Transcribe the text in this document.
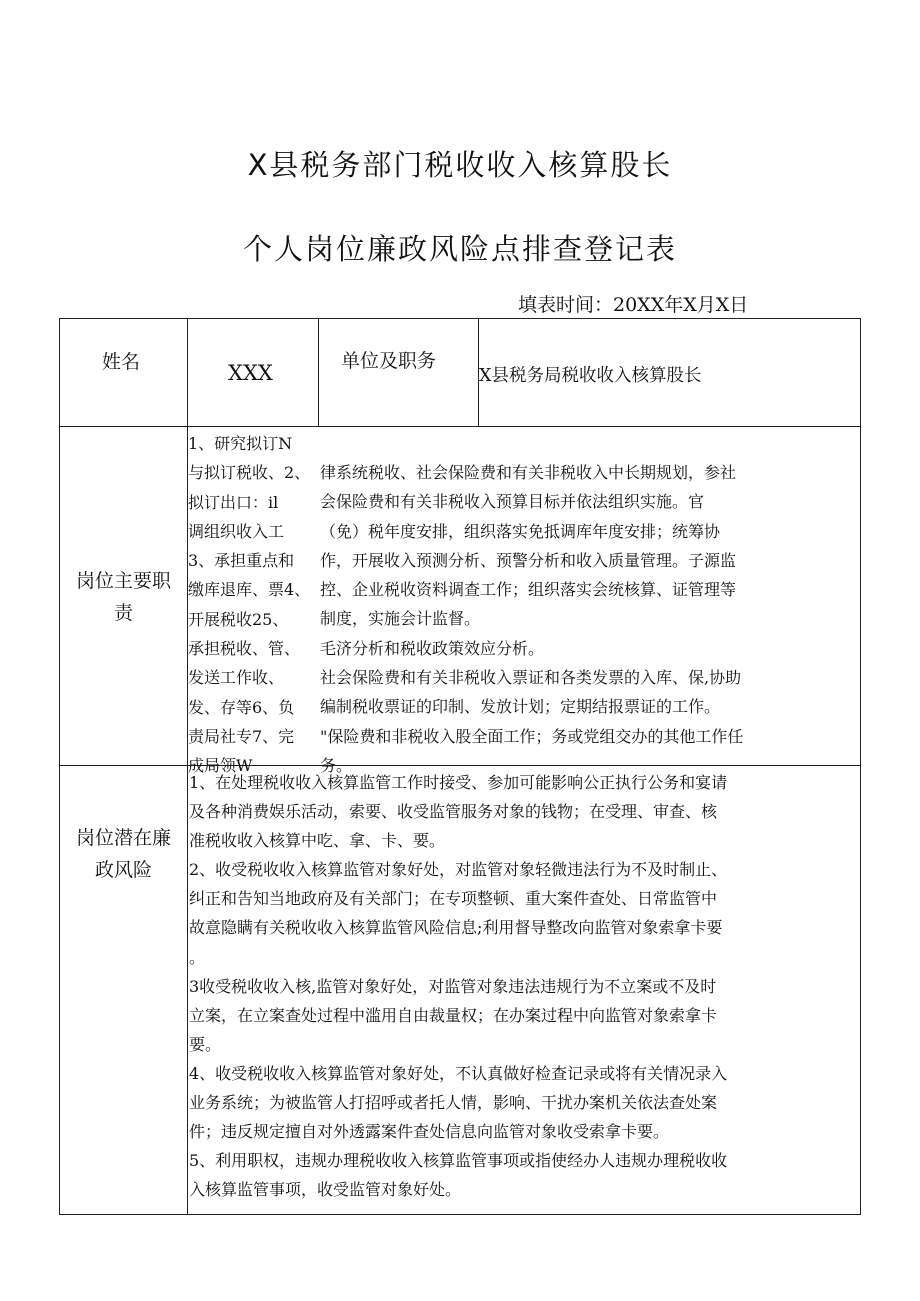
X县税务部门税收收入核算股长
个人岗位廉政风险点排查登记表
填表时间：20XX年X月X日
姓名	XXX	单位及职务
X县税务局税收收入核算股长
岗位主要职
责
1、研究拟订N
与拟订税收、2、
拟订出口：il
调组织收入工
3、承担重点和
缴库退库、票4、
开展税收25、
承担税收、管、
发送工作收、
发、存等6、负
责局社专7、完
成局领W
律系统税收、社会保险费和有关非税收入中长期规划，参社
会保险费和有关非税收入预算目标并依法组织实施。官
（免）税年度安排，组织落实免抵调库年度安排；统筹协
作，开展收入预测分析、预警分析和收入质量管理。子源监
控、企业税收资料调查工作；组织落实会统核算、证管理等
制度，实施会计监督。
毛济分析和税收政策效应分析。
社会保险费和有关非税收入票证和各类发票的入库、保,协助
编制税收票证的印制、发放计划；定期结报票证的工作。
"保险费和非税收入股全面工作；务或党组交办的其他工作任
务。
岗位潜在廉
政风险
1、在处理税收收入核算监管工作时接受、参加可能影响公正执行公务和宴请
及各种消费娱乐活动，索要、收受监管服务对象的钱物；在受理、审查、核
准税收收入核算中吃、拿、卡、要。
2、收受税收收入核算监管对象好处，对监管对象轻微违法行为不及时制止、
纠正和告知当地政府及有关部门；在专项整顿、重大案件查处、日常监管中
故意隐瞒有关税收收入核算监管风险信息;利用督导整改向监管对象索拿卡要
。
3收受税收收入核,监管对象好处，对监管对象违法违规行为不立案或不及时
立案，在立案查处过程中滥用自由裁量权；在办案过程中向监管对象索拿卡
要。
4、收受税收收入核算监管对象好处，不认真做好检查记录或将有关情况录入
业务系统；为被监管人打招呼或者托人情，影响、干扰办案机关依法查处案
件；违反规定擅自对外透露案件查处信息向监管对象收受索拿卡要。
5、利用职权，违规办理税收收入核算监管事项或指使经办人违规办理税收收
入核算监管事项，收受监管对象好处。
